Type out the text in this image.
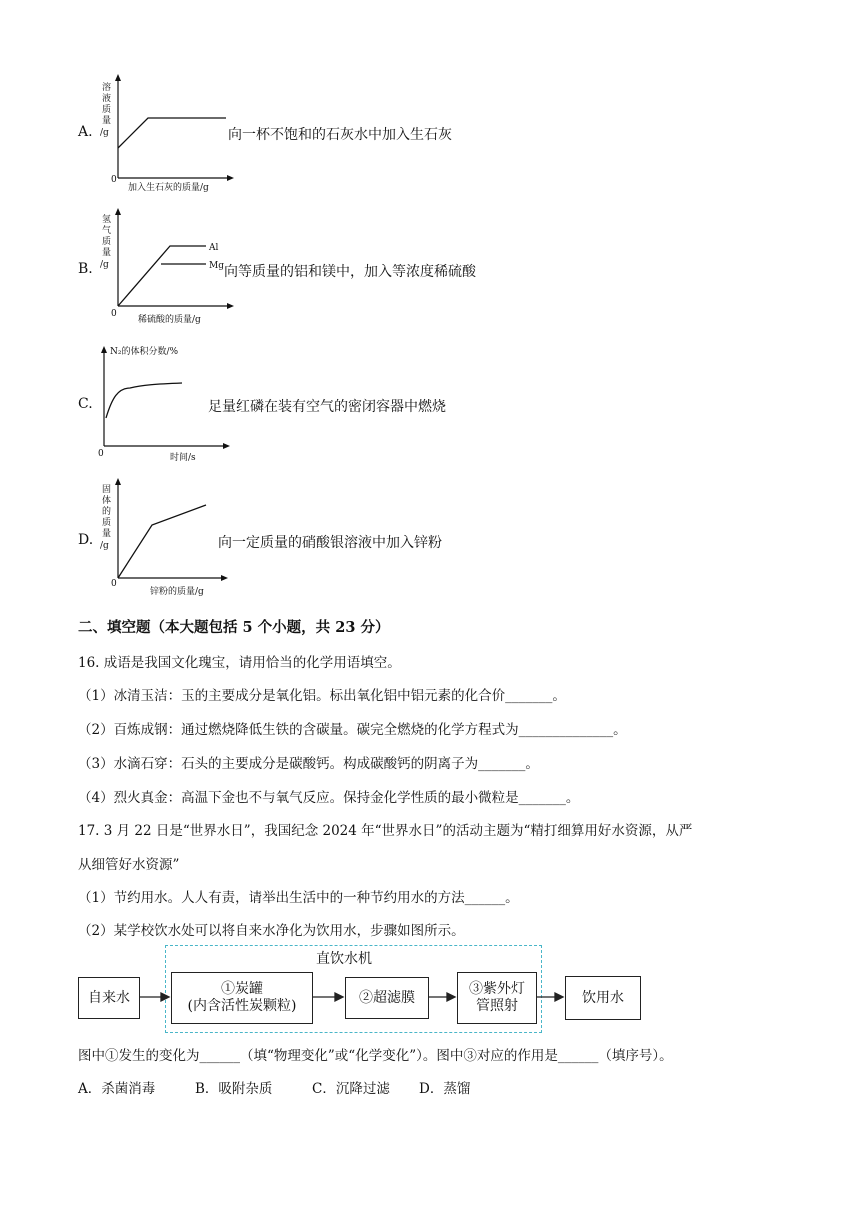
A.
溶
液
质
量
/g
0
加入生石灰的质量/g
向一杯不饱和的石灰水中加入生石灰
B.
氢
气
质
量
/g
Al
Mg
0
稀硫酸的质量/g
向等质量的铝和镁中，加入等浓度稀硫酸
C.
N₂的体积分数/%
0	时间/s
足量红磷在装有空气的密闭容器中燃烧
D.
固
体
的
质
量
/g
0
锌粉的质量/g
向一定质量的硝酸银溶液中加入锌粉
二、填空题（本大题包括 5 个小题，共 23 分）
16. 成语是我国文化瑰宝，请用恰当的化学用语填空。
（1）冰清玉洁：玉的主要成分是氧化铝。标出氧化铝中铝元素的化合价_______。
（2）百炼成钢：通过燃烧降低生铁的含碳量。碳完全燃烧的化学方程式为______________。
（3）水滴石穿：石头的主要成分是碳酸钙。构成碳酸钙的阴离子为_______。
（4）烈火真金：高温下金也不与氧气反应。保持金化学性质的最小微粒是_______。
17. 3 月 22 日是“世界水日”，我国纪念 2024 年“世界水日”的活动主题为“精打细算用好水资源，从严
从细管好水资源”
（1）节约用水。人人有责，请举出生活中的一种节约用水的方法______。
（2）某学校饮水处可以将自来水净化为饮用水，步骤如图所示。
直饮水机
自来水
①炭罐
(内含活性炭颗粒)
②超滤膜
③紫外灯
管照射
饮用水
图中①发生的变化为______（填“物理变化”或“化学变化”）。图中③对应的作用是______（填序号）。
A．杀菌消毒	B．吸附杂质	C．沉降过滤 D．蒸馏
